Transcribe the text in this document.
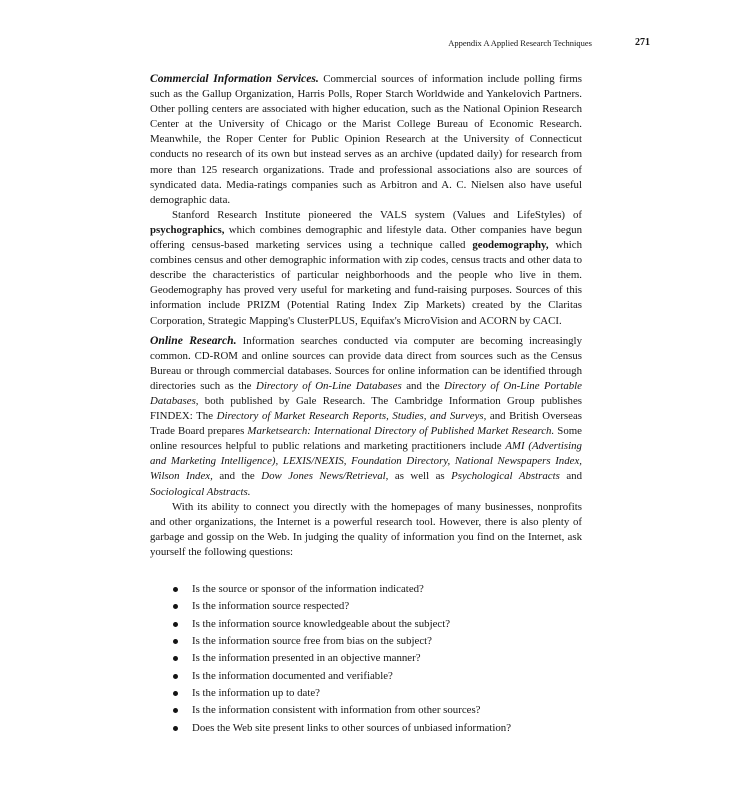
Appendix A Applied Research Techniques	271

Commercial Information Services. Commercial sources of information include polling firms such as the Gallup Organization, Harris Polls, Roper Starch Worldwide and Yankelovich Partners. Other polling centers are associated with higher education, such as the National Opinion Research Center at the University of Chicago or the Marist College Bureau of Economic Research. Meanwhile, the Roper Center for Public Opinion Research at the University of Connecticut conducts no research of its own but instead serves as an archive (updated daily) for research from more than 125 research organizations. Trade and professional associations also are sources of syndicated data. Media-ratings companies such as Arbitron and A. C. Nielsen also have useful demographic data.

Stanford Research Institute pioneered the VALS system (Values and LifeStyles) of psychographics, which combines demographic and lifestyle data. Other companies have begun offering census-based marketing services using a technique called geodemography, which combines census and other demographic information with zip codes, census tracts and other data to describe the characteristics of particular neighborhoods and the people who live in them. Geodemography has proved very useful for marketing and fund-raising purposes. Sources of this information include PRIZM (Potential Rating Index Zip Markets) created by the Claritas Corporation, Strategic Mapping's ClusterPLUS, Equifax's MicroVision and ACORN by CACI.

Online Research. Information searches conducted via computer are becoming increasingly common. CD-ROM and online sources can provide data direct from sources such as the Census Bureau or through commercial databases. Sources for online information can be identified through directories such as the Directory of On-Line Databases and the Directory of On-Line Portable Databases, both published by Gale Research. The Cambridge Information Group publishes FINDEX: The Directory of Market Research Reports, Studies, and Surveys, and British Overseas Trade Board prepares Marketsearch: International Directory of Published Market Research. Some online resources helpful to public relations and marketing practitioners include AMI (Advertising and Marketing Intelligence), LEXIS/NEXIS, Foundation Directory, National Newspapers Index, Wilson Index, and the Dow Jones News/Retrieval, as well as Psychological Abstracts and Sociological Abstracts.

With its ability to connect you directly with the homepages of many businesses, nonprofits and other organizations, the Internet is a powerful research tool. However, there is also plenty of garbage and gossip on the Web. In judging the quality of information you find on the Internet, ask yourself the following questions:

Is the source or sponsor of the information indicated?
Is the information source respected?
Is the information source knowledgeable about the subject?
Is the information source free from bias on the subject?
Is the information presented in an objective manner?
Is the information documented and verifiable?
Is the information up to date?
Is the information consistent with information from other sources?
Does the Web site present links to other sources of unbiased information?
